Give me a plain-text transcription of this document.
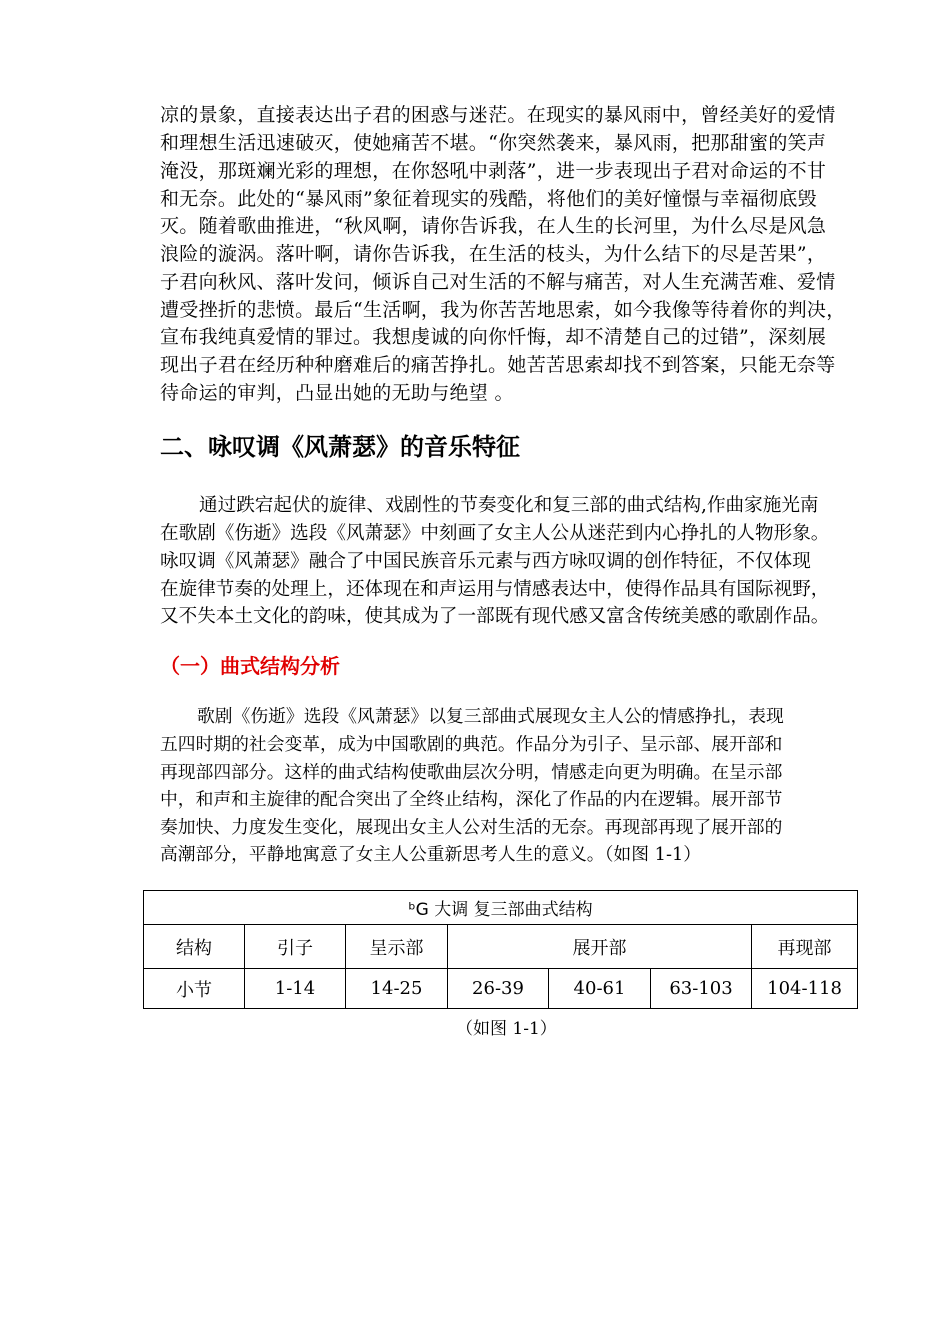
凉的景象，直接表达出子君的困惑与迷茫。在现实的暴风雨中，曾经美好的爱情

和理想生活迅速破灭，使她痛苦不堪。“你突然袭来，暴风雨，把那甜蜜的笑声

淹没，那斑斓光彩的理想，在你怒吼中剥落”，进一步表现出子君对命运的不甘

和无奈。此处的“暴风雨”象征着现实的残酷，将他们的美好憧憬与幸福彻底毁

灭。随着歌曲推进，“秋风啊，请你告诉我，在人生的长河里，为什么尽是风急

浪险的漩涡。落叶啊，请你告诉我，在生活的枝头，为什么结下的尽是苦果”，

子君向秋风、落叶发问，倾诉自己对生活的不解与痛苦，对人生充满苦难、爱情

遭受挫折的悲愤。最后“生活啊，我为你苦苦地思索，如今我像等待着你的判决，

宣布我纯真爱情的罪过。我想虔诚的向你忏悔，却不清楚自己的过错”，深刻展

现出子君在经历种种磨难后的痛苦挣扎。她苦苦思索却找不到答案，只能无奈等

待命运的审判，凸显出她的无助与绝望 。

二、咏叹调《风萧瑟》的音乐特征

通过跌宕起伏的旋律、戏剧性的节奏变化和复三部的曲式结构,作曲家施光南

在歌剧《伤逝》选段《风萧瑟》中刻画了女主人公从迷茫到内心挣扎的人物形象。

咏叹调《风萧瑟》融合了中国民族音乐元素与西方咏叹调的创作特征，不仅体现

在旋律节奏的处理上，还体现在和声运用与情感表达中，使得作品具有国际视野，

又不失本土文化的韵味，使其成为了一部既有现代感又富含传统美感的歌剧作品。

（一）曲式结构分析

歌剧《伤逝》选段《风萧瑟》以复三部曲式展现女主人公的情感挣扎，表现

五四时期的社会变革，成为中国歌剧的典范。作品分为引子、呈示部、展开部和

再现部四部分。这样的曲式结构使歌曲层次分明，情感走向更为明确。在呈示部

中，和声和主旋律的配合突出了全终止结构，深化了作品的内在逻辑。展开部节

奏加快、力度发生变化，展现出女主人公对生活的无奈。再现部再现了展开部的

高潮部分，平静地寓意了女主人公重新思考人生的意义。（如图 1-1）

ᵇG 大调 复三部曲式结构						
结构	引子	呈示部	展开部			再现部
小节	1-14	14-25	26-39	40-61	63-103	104-118

（如图 1-1）
